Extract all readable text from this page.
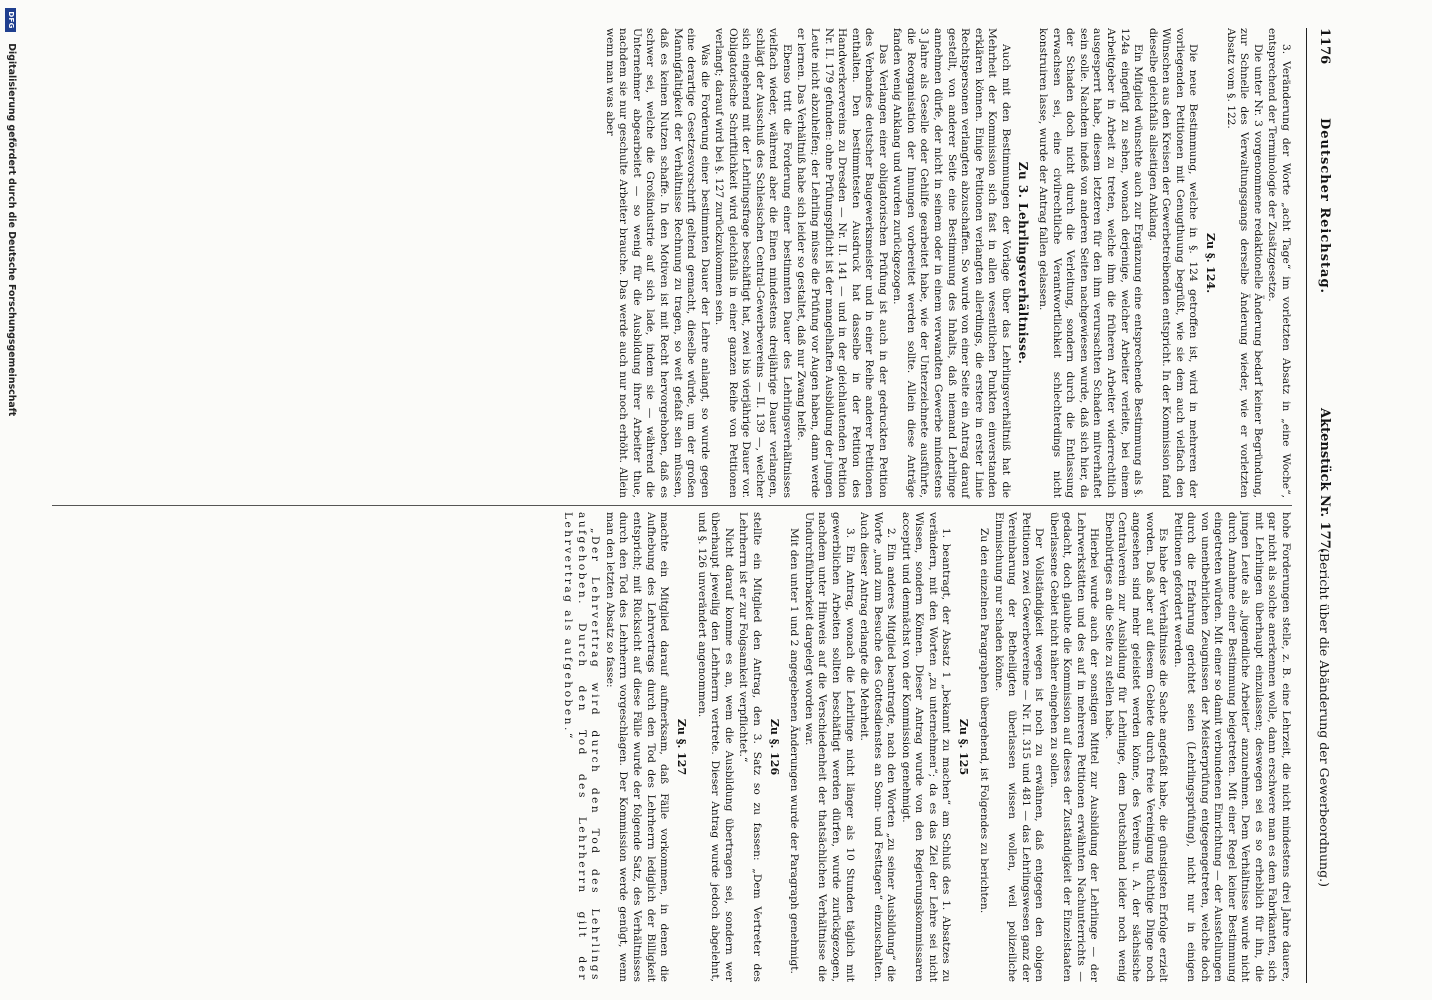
1176
Deutscher Reichstag.
Aktenstück Nr. 177.
(Bericht über die Abänderung der Gewerbeordnung.)

3. Veränderung der Worte „acht Tage“ im vorletzten Absatz in „eine Woche“, entsprechend der Terminologie der Zusätzgesetze.

Die unter Nr. 3 vorgenommene redaktionelle Änderung bedarf keiner Begründung, zur Schnelle des Verwaltungsgangs derselbe Änderung wieder, wie er vorletzten Absatz vom §. 122.

Zu §. 124.

Die neue Bestimmung, welche in §. 124 getroffen ist, wird in mehreren der vorliegenden Petitionen mit Genugthuung begrüßt, wie sie dem auch vielfach den Wünschen aus den Kreisen der Gewerbetreibenden entspricht. In der Kommission fand dieselbe gleichfalls allseitigen Anklang.

Ein Mitglied wünschte auch zur Ergänzung eine entsprechende Bestimmung als §. 124a eingefügt zu sehen, wonach derjenige, welcher Arbeiter verleite, bei einem Arbeitgeber in Arbeit zu treten, welche ihm die früheren Arbeiter widerrechtlich ausgesperrt habe, diesem letzteren für den ihm verursachten Schaden mitverhaftet sein solle. Nachdem indeß von anderen Seiten nachgewiesen wurde, daß sich hier, da der Schaden doch nicht durch die Verleitung, sondern durch die Entlassung erwachsen sei, eine civilrechtliche Verantwortlichkeit schlechterdings nicht konstruiren lasse, wurde der Antrag fallen gelassen.

Zu 3. Lehrlingsverhältnisse.

Auch mit den Bestimmungen der Vorlage über das Lehrlingsverhältniß hat die Mehrheit der Kommission sich fast in allen wesentlichen Punkten einverstanden erklären können. Einige Petitionen verlangten allerdings, die erstere in erster Linie Rechtspersonen verlangten abzuschaffen. So wurde von einer Seite ein Antrag darauf gestellt, von anderer Seite eine Bestimmung des Inhalts, daß niemand Lehrlinge annehmen dürfe, der nicht in seinem oder in einem verwandten Gewerbe mindestens 3 Jahre als Geselle oder Gehilfe gearbeitet habe, wie der Unterzeichnete ausführte, die Reorganisation der Innungen vorbereitet werden sollte. Allein diese Anträge fanden wenig Anklang und wurden zurückgezogen.

Das Verlangen einer obligatorischen Prüfung ist auch in der gedruckten Petition des Verbandes deutscher Baugewerksmeister und in einer Reihe anderer Petitionen enthalten. Den bestimmtesten Ausdruck hat dasselbe in der Petition des Handwerkervereins zu Dresden — Nr. II. 141 — und in der gleichlautenden Petition Nr. II. 179 gefunden: ohne Prüfungspflicht ist der mangelhaften Ausbildung der jungen Leute nicht abzuhelfen; der Lehrling müsse die Prüfung vor Augen haben, dann werde er lernen. Das Verhältniß habe sich leider so gestaltet, daß nur Zwang helfe.

Ebenso tritt die Forderung einer bestimmten Dauer des Lehrlingsverhältnisses vielfach wieder, während aber die Einen mindestens dreijährige Dauer verlangen, schlägt der Ausschuß des Schlesischen Central-Gewerbevereins — II. 139 —, welcher sich eingehend mit der Lehrlingsfrage beschäftigt hat, zwei bis vierjährige Dauer vor. Obligatorische Schriftlichkeit wird gleichfalls in einer ganzen Reihe von Petitionen verlangt; darauf wird bei §. 127 zurückzukommen sein.

Was die Forderung einer bestimmten Dauer der Lehre anlangt, so wurde gegen eine derartige Gesetzesvorschrift geltend gemacht, dieselbe würde, um der großen Mannigfaltigkeit der Verhältnisse Rechnung zu tragen, so weit gefaßt sein müssen, daß es keinen Nutzen schaffe. In den Motiven ist mit Recht hervorgehoben, daß es schwer sei, welche die Großindustrie auf sich lade, indem sie — während die Unternehmer abgearbeitet — so wenig für die Ausbildung ihrer Arbeiter thue, nachdem sie nur geschulte Arbeiter brauche. Das werde auch nur noch erhöht. Allein wenn man was aber

hohe Forderungen stelle, z. B. eine Lehrzeit, die nicht mindestens drei Jahre dauere, gar nicht als solche anerkennen wolle, dann erschwere man es dem Fabrikanten, sich mit Lehrlingen überhaupt einzulassen; deswegen sei es so erheblich für ihn, die jungen Leute als „jugendliche Arbeiter“ anzunehmen. Dem Verhältnisse wurde nicht durch Annahme einer Bestimmung beigetreten. Mit einer Regel keiner Bestimmung eingetreten würden. Mit einer so damit verbundenen Einrichtung — der Ausstellungen von unentbehrlichen Zeugnissen der Meisterprüfung entgegengetreten, welche doch durch die Erfahrung gerichtet seien (Lehrlingsprüfung), nicht nur in einigen Petitionen gefordert werden.

Es habe der Verhältnisse die Sache angefaßt habe, die günstigsten Erfolge erzielt worden. Daß aber auf diesem Gebiete durch freie Vereinigung tüchtige Dinge noch angesehen sind mehr geleistet werden könne, des Vereins u. A. der sächsische Centralverein zur Ausbildung für Lehrlinge, dem Deutschland leider noch wenig Ebenbürtiges an die Seite zu stellen habe.

Hierbei wurde auch der sonstigen Mittel zur Ausbildung der Lehrlinge — der Lehrwerkstätten und des auf in mehreren Petitionen erwähnten Nachunterrichts — gedacht, doch glaubte die Kommission auf dieses der Zuständigkeit der Einzelstaaten überlassene Gebiet nicht näher eingehen zu sollen.

Der Vollständigkeit wegen ist noch zu erwähnen, daß entgegen den obigen Petitionen zwei Gewerbevereine — Nr. II. 315 und 481 — das Lehrlingswesen ganz der Vereinbarung der Betheiligten überlassen wissen wollen, weil polizeiliche Einmischung nur schaden könne.

Zu den einzelnen Paragraphen übergehend, ist Folgendes zu berichten.

Zu §. 125

1. beantragt, der Absatz 1 „bekannt zu machen“ am Schluß des 1. Absatzes zu verändern, mit den Worten „zu unternehmen“; da es das Ziel der Lehre sei nicht Wissen, sondern Können. Dieser Antrag wurde von den Regierungskommissaren acceptirt und demnächst von der Kommission genehmigt.

2. Ein anderes Mitglied beantragte, nach den Worten „zu seiner Ausbildung“ die Worte „und zum Besuche des Gottesdienstes an Sonn- und Festtagen“ einzuschalten. Auch dieser Antrag erlangte die Mehrheit.

3. Ein Antrag, wonach die Lehrlinge nicht länger als 10 Stunden täglich mit gewerblichen Arbeiten sollten beschäftigt werden dürfen, wurde zurückgezogen, nachdem unter Hinweis auf die Verschiedenheit der thatsächlichen Verhältnisse die Undurchführbarkeit dargelegt worden war.

Mit den unter 1 und 2 angegebenen Änderungen wurde der Paragraph genehmigt.

Zu §. 126

stellte ein Mitglied den Antrag, den 3. Satz so zu fassen: „Dem Vertreter des Lehrherrn ist er zur Folgsamkeit verpflichtet.“

Nicht darauf komme es an, wem die Ausbildung übertragen sei, sondern wer überhaupt jeweilig den Lehrherrn vertrete. Dieser Antrag wurde jedoch abgelehnt, und §. 126 unverändert angenommen.

Zu §. 127

machte ein Mitglied darauf aufmerksam, daß Fälle vorkommen, in denen die Aufhebung des Lehrvertrags durch den Tod des Lehrherrn lediglich der Billigkeit entspricht; mit Rücksicht auf diese Fälle wurde der folgende Satz, des Verhältnisses durch den Tod des Lehrherrn vorgeschlagen. Der Kommission werde genügt, wenn man den letzten Absatz so fasse:

„Der Lehrvertrag wird durch den Tod des Lehrlings aufgehoben. Durch den Tod des Lehrherrn gilt der Lehrvertrag als aufgehoben.“

DFG Digitalisierung gefördert durch die Deutsche Forschungsgemeinschaft
